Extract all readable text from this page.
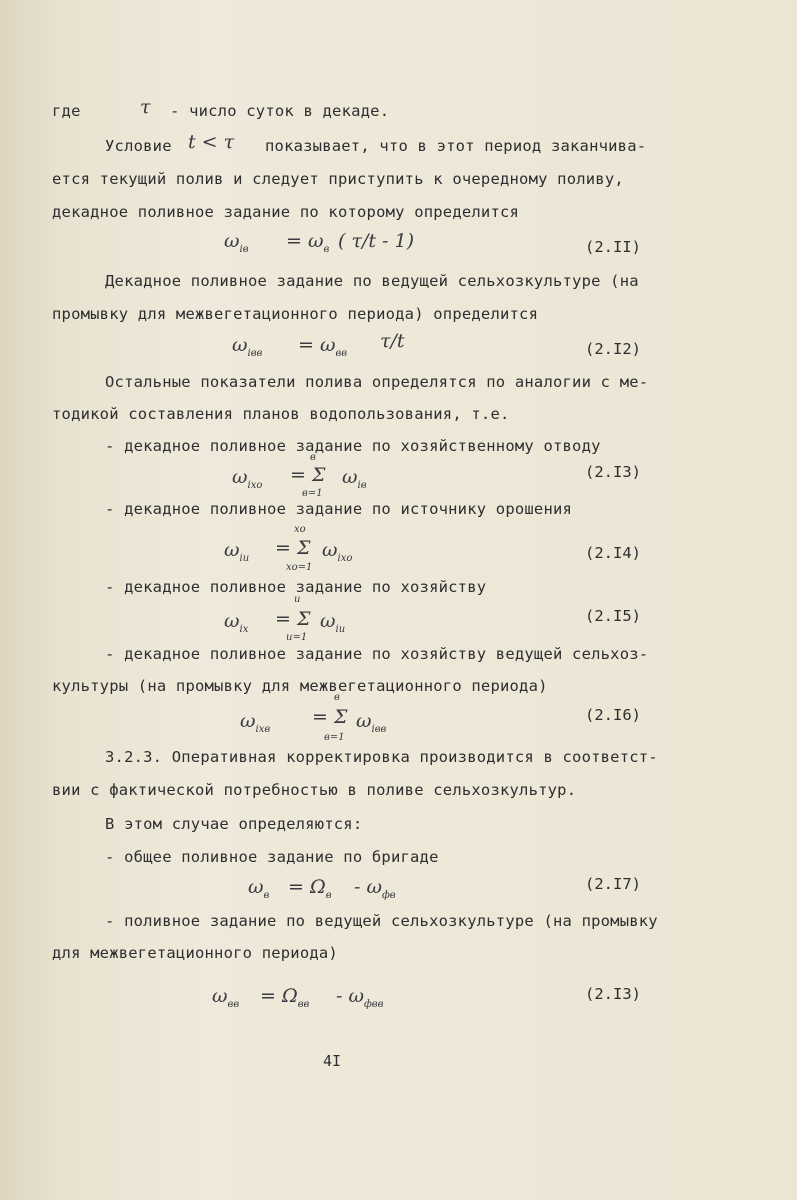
где	τ - число суток в декаде.
Условие t < τ показывает, что в этот период заканчива-
ется текущий полив и следует приступить к очередному поливу,
декадное поливное задание по которому определится
$\omega_{iв} = \omega_в$ ( τ/t - 1)	(2.II)
Декадное поливное задание по ведущей сельхозкультуре (на
промывку для межвегетационного периода) определится
$\omega_{iвв} = \omega_{вв}$
τ/t	(2.I2)
Остальные показатели полива определятся по аналогии с ме-
тодикой составления планов водопользования, т.е.
- декадное поливное задание по хозяйственному отводу
$\omega_{iхо}$
в
= Σ
в=1
$\omega_{iв}$
(2.I3)
- декадное поливное задание по источнику орошения
$\omega_{iи}$
хо
= Σ
хо=1
$\omega_{iхо}$	(2.I4)
- декадное поливное задание по хозяйству
$\omega_{iх}$
и
= Σ
и=1
$\omega_{iи}$
(2.I5)
- декадное поливное задание по хозяйству ведущей сельхоз-
культуры (на промывку для межвегетационного периода)
$\omega_{iхв}$
в
= Σ
в=1
$\omega_{iвв}$
(2.I6)
3.2.3. Оперативная корректировка производится в соответст-
вии с фактической потребностью в поливе сельхозкультур.
В этом случае определяются:
- общее поливное задание по бригаде
$\omega_в = \Omega_в - \omega_{фв}$
(2.I7)
- поливное задание по ведущей сельхозкультуре (на промывку
для межвегетационного периода)
$\omega_{вв} = \Omega_{вв} - \omega_{фвв}$
(2.I3)
4I
